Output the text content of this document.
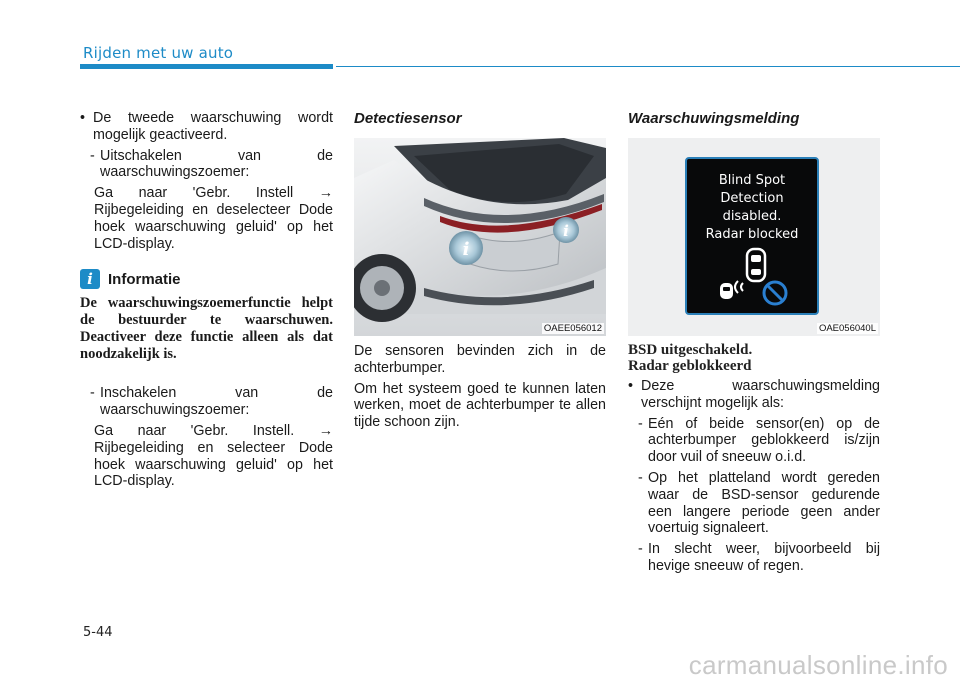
Rijden met uw auto

• De tweede waarschuwing wordt mogelijk geactiveerd.

- Uitschakelen van de waarschuwingszoemer:

Ga naar 'Gebr. Instell → Rijbegeleiding en deselecteer Dode hoek waarschuwing geluid' op het LCD-display.

i	Informatie

De waarschuwingszoemerfunctie helpt de bestuurder te waarschuwen. Deactiveer deze functie alleen als dat noodzakelijk is.

- Inschakelen van de waarschuwingszoemer:

Ga naar 'Gebr. Instell. → Rijbegeleiding en selecteer Dode hoek waarschuwing geluid' op het LCD-display.

Detectiesensor

i
i
OAEE056012

De sensoren bevinden zich in de achterbumper.

Om het systeem goed te kunnen laten werken, moet de achterbumper te allen tijde schoon zijn.

Waarschuwingsmelding

Blind Spot
Detection
disabled.
Radar blocked
OAE056040L

BSD uitgeschakeld.

Radar geblokkeerd

• Deze waarschuwingsmelding verschijnt mogelijk als:

- Eén of beide sensor(en) op de achterbumper geblokkeerd is/zijn door vuil of sneeuw o.i.d.

- Op het platteland wordt gereden waar de BSD-sensor gedurende een langere periode geen ander voertuig signaleert.

- In slecht weer, bijvoorbeeld bij hevige sneeuw of regen.

5-44
carmanualsonline.info
